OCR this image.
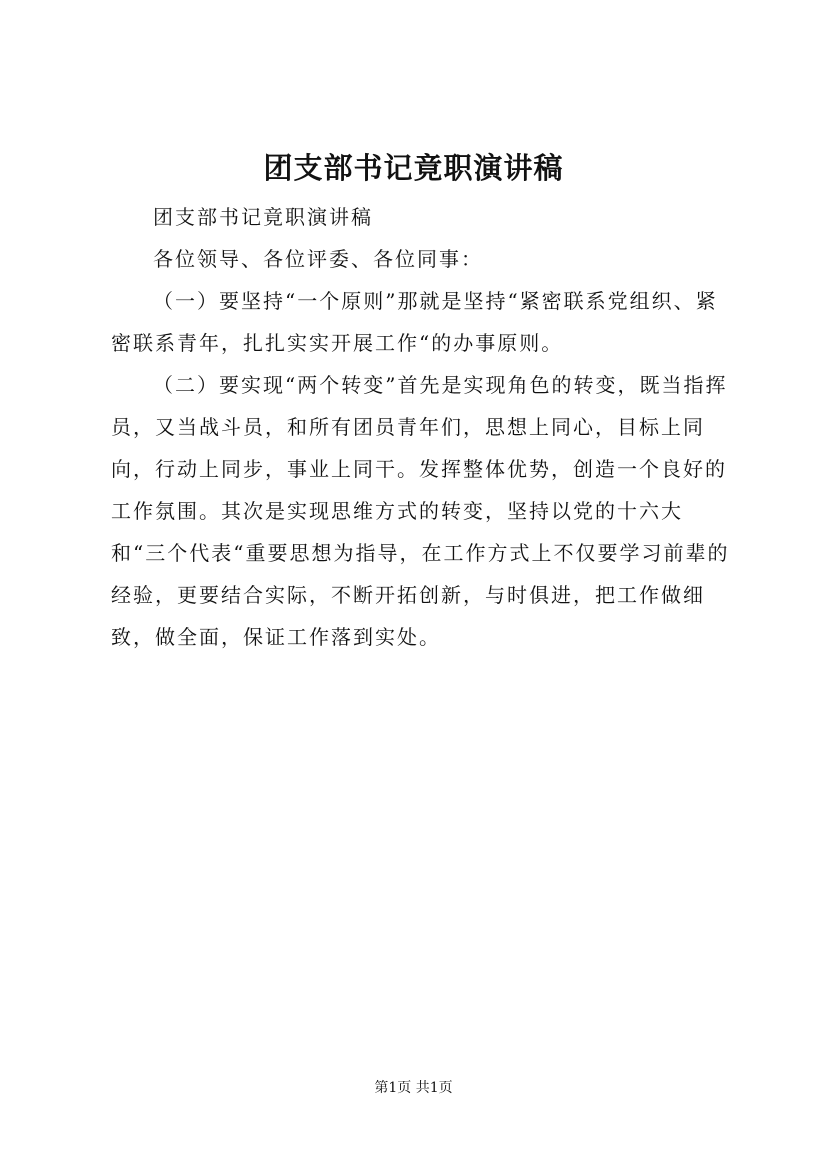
团支部书记竟职演讲稿

团支部书记竟职演讲稿

各位领导、各位评委、各位同事：

（一）要坚持“一个原则”那就是坚持“紧密联系党组织、紧密联系青年，扎扎实实开展工作“的办事原则。

（二）要实现“两个转变”首先是实现角色的转变，既当指挥员，又当战斗员，和所有团员青年们，思想上同心，目标上同向，行动上同步，事业上同干。发挥整体优势，创造一个良好的工作氛围。其次是实现思维方式的转变，坚持以党的十六大和“三个代表“重要思想为指导，在工作方式上不仅要学习前辈的经验，更要结合实际，不断开拓创新，与时俱进，把工作做细致，做全面，保证工作落到实处。

第1页 共1页
